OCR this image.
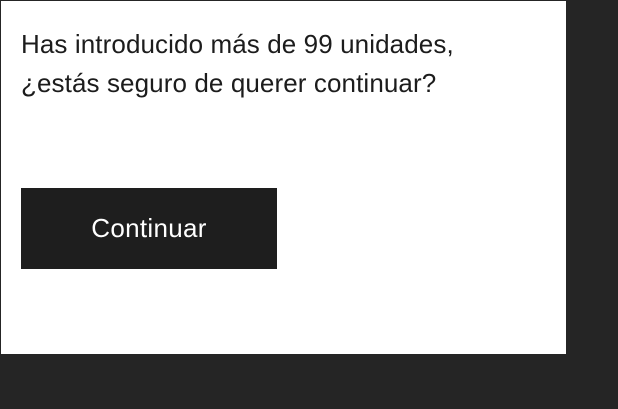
Has introducido más de 99 unidades,
¿estás seguro de querer continuar?

Continuar
